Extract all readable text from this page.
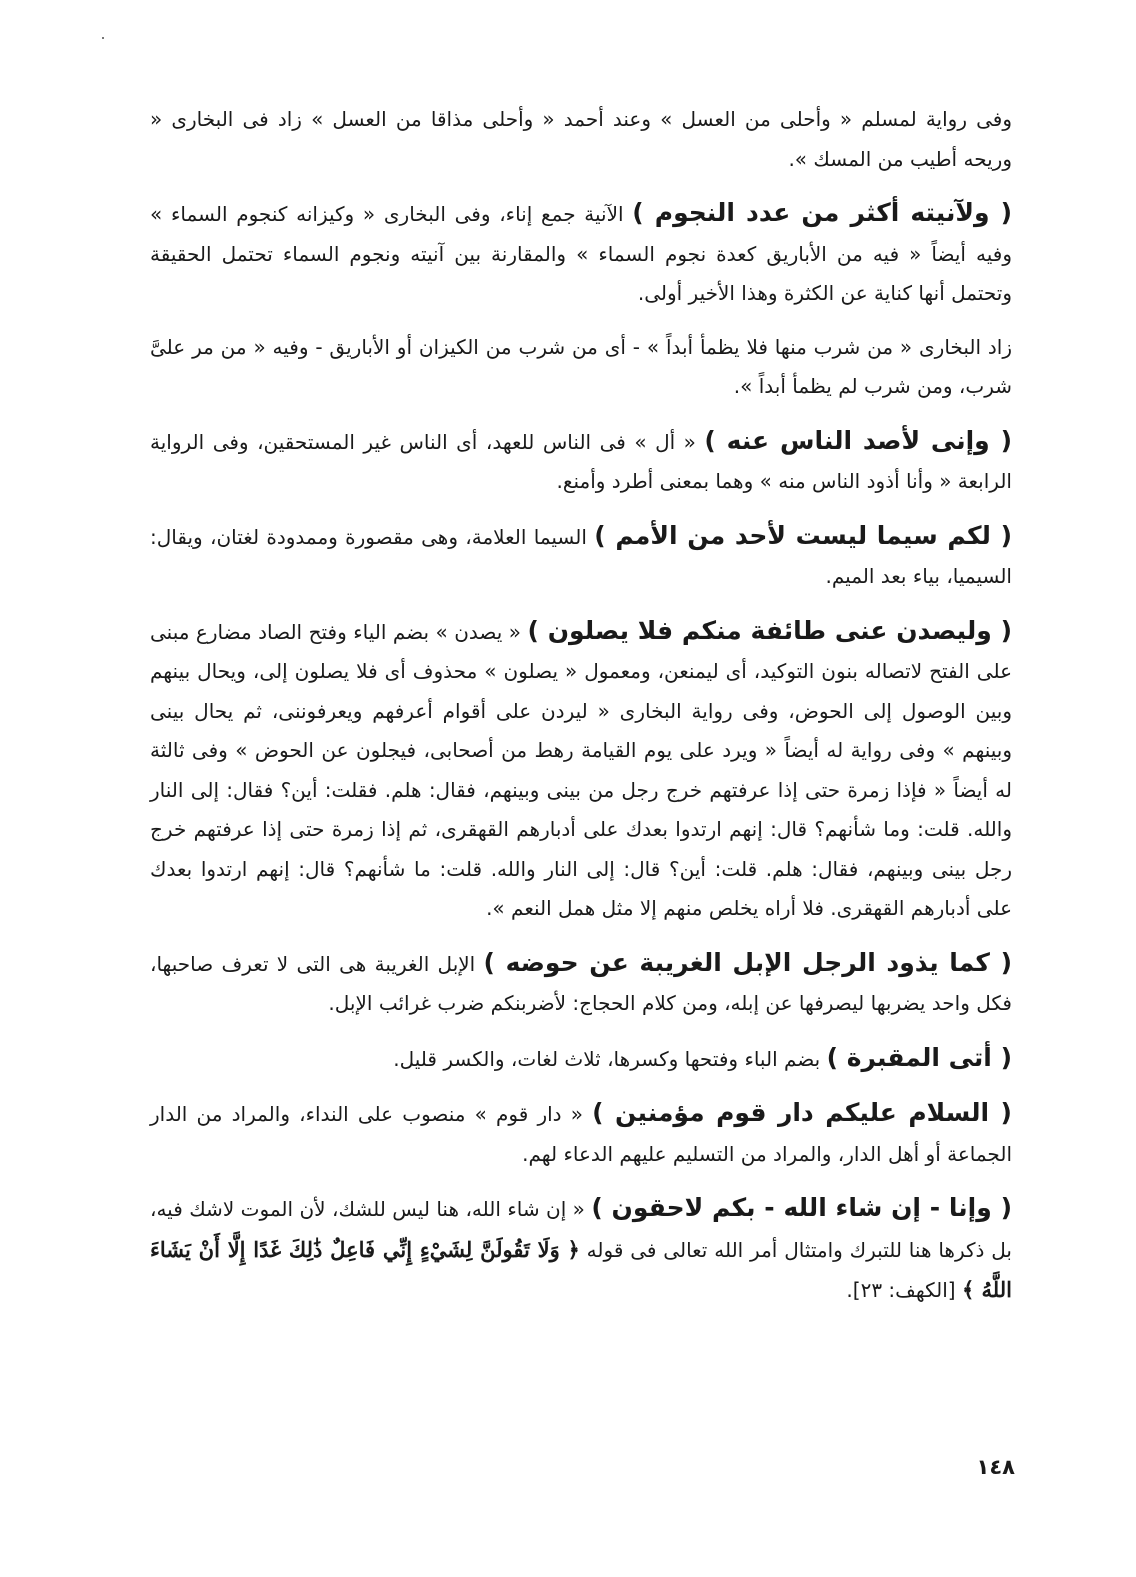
وفى رواية لمسلم « وأحلى من العسل » وعند أحمد « وأحلى مذاقا من العسل » زاد فى البخارى « وريحه أطيب من المسك ».

( ولآنيته أكثر من عدد النجوم ) الآنية جمع إناء، وفى البخارى « وكيزانه كنجوم السماء » وفيه أيضاً « فيه من الأباريق كعدة نجوم السماء » والمقارنة بين آنيته ونجوم السماء تحتمل الحقيقة وتحتمل أنها كناية عن الكثرة وهذا الأخير أولى.

زاد البخارى « من شرب منها فلا يظمأ أبداً » - أى من شرب من الكيزان أو الأباريق - وفيه « من مر علىَّ شرب، ومن شرب لم يظمأ أبداً ».

( وإنى لأصد الناس عنه ) « أل » فى الناس للعهد، أى الناس غير المستحقين، وفى الرواية الرابعة « وأنا أذود الناس منه » وهما بمعنى أطرد وأمنع.

( لكم سيما ليست لأحد من الأمم ) السيما العلامة، وهى مقصورة وممدودة لغتان، ويقال: السيميا، بياء بعد الميم.

( وليصدن عنى طائفة منكم فلا يصلون ) « يصدن » بضم الياء وفتح الصاد مضارع مبنى على الفتح لاتصاله بنون التوكيد، أى ليمنعن، ومعمول « يصلون » محذوف أى فلا يصلون إلى، ويحال بينهم وبين الوصول إلى الحوض، وفى رواية البخارى « ليردن على أقوام أعرفهم ويعرفوننى، ثم يحال بينى وبينهم » وفى رواية له أيضاً « ويرد على يوم القيامة رهط من أصحابى، فيجلون عن الحوض » وفى ثالثة له أيضاً « فإذا زمرة حتى إذا عرفتهم خرج رجل من بينى وبينهم، فقال: هلم. فقلت: أين؟ فقال: إلى النار والله. قلت: وما شأنهم؟ قال: إنهم ارتدوا بعدك على أدبارهم القهقرى، ثم إذا زمرة حتى إذا عرفتهم خرج رجل بينى وبينهم، فقال: هلم. قلت: أين؟ قال: إلى النار والله. قلت: ما شأنهم؟ قال: إنهم ارتدوا بعدك على أدبارهم القهقرى. فلا أراه يخلص منهم إلا مثل همل النعم ».

( كما يذود الرجل الإبل الغريبة عن حوضه ) الإبل الغريبة هى التى لا تعرف صاحبها، فكل واحد يضربها ليصرفها عن إبله، ومن كلام الحجاج: لأضربنكم ضرب غرائب الإبل.

( أتى المقبرة ) بضم الباء وفتحها وكسرها، ثلاث لغات، والكسر قليل.

( السلام عليكم دار قوم مؤمنين ) « دار قوم » منصوب على النداء، والمراد من الدار الجماعة أو أهل الدار، والمراد من التسليم عليهم الدعاء لهم.

( وإنا - إن شاء الله - بكم لاحقون ) « إن شاء الله، هنا ليس للشك، لأن الموت لاشك فيه، بل ذكرها هنا للتبرك وامتثال أمر الله تعالى فى قوله ﴿ وَلَا تَقُولَنَّ لِشَيْءٍ إِنِّي فَاعِلٌ ذَٰلِكَ غَدًا إِلَّا أَنْ يَشَاءَ اللَّهُ ﴾ [الكهف: ٢٣].

١٤٨
